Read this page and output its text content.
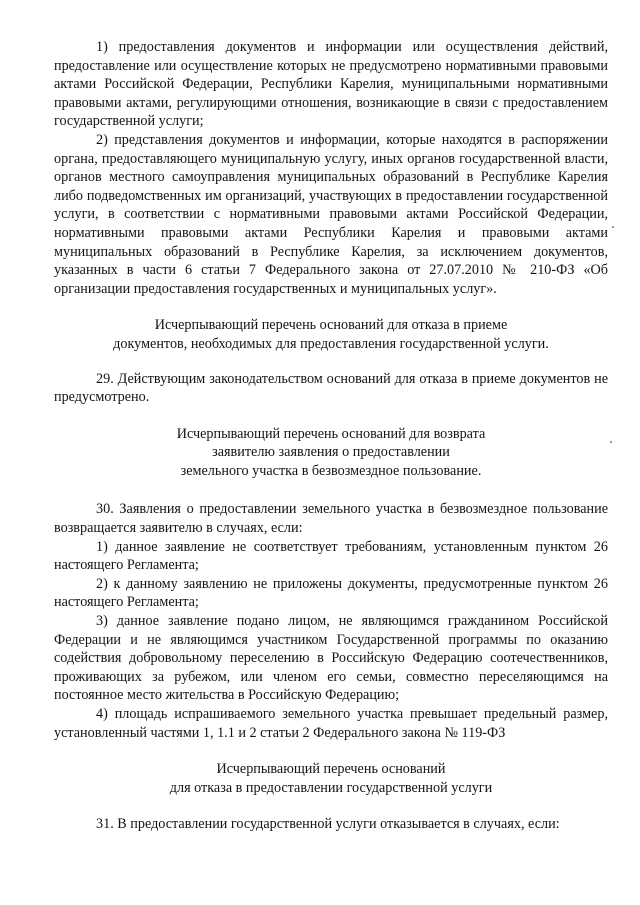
1) предоставления документов и информации или осуществления действий, предоставление или осуществление которых не предусмотрено нормативными правовыми актами Российской Федерации, Республики Карелия, муниципальными нормативными правовыми актами, регулирующими отношения, возникающие в связи с предоставлением государственной услуги;

2) представления документов и информации, которые находятся в распоряжении органа, предоставляющего муниципальную услугу, иных органов государственной власти, органов местного самоуправления муниципальных образований в Республике Карелия либо подведомственных им организаций, участвующих в предоставлении государственной услуги, в соответствии с нормативными правовыми актами Российской Федерации, нормативными правовыми актами Республики Карелия и правовыми актами муниципальных образований в Республике Карелия, за исключением документов, указанных в части 6 статьи 7 Федерального закона от 27.07.2010 № 210-ФЗ «Об организации предоставления государственных и муниципальных услуг».

Исчерпывающий перечень оснований для отказа в приеме
документов, необходимых для предоставления государственной услуги.

29. Действующим законодательством оснований для отказа в приеме документов не предусмотрено.

Исчерпывающий перечень оснований для возврата
заявителю заявления о предоставлении
земельного участка в безвозмездное пользование.

30. Заявления о предоставлении земельного участка в безвозмездное пользование возвращается заявителю в случаях, если:

1) данное заявление не соответствует требованиям, установленным пунктом 26 настоящего Регламента;

2) к данному заявлению не приложены документы, предусмотренные пунктом 26 настоящего Регламента;

3) данное заявление подано лицом, не являющимся гражданином Российской Федерации и не являющимся участником Государственной программы по оказанию содействия добровольному переселению в Российскую Федерацию соотечественников, проживающих за рубежом, или членом его семьи, совместно переселяющимся на постоянное место жительства в Российскую Федерацию;

4) площадь испрашиваемого земельного участка превышает предельный размер, установленный частями 1, 1.1 и 2 статьи 2 Федерального закона № 119-ФЗ

Исчерпывающий перечень оснований
для отказа в предоставлении государственной услуги

31. В предоставлении государственной услуги отказывается в случаях, если:
